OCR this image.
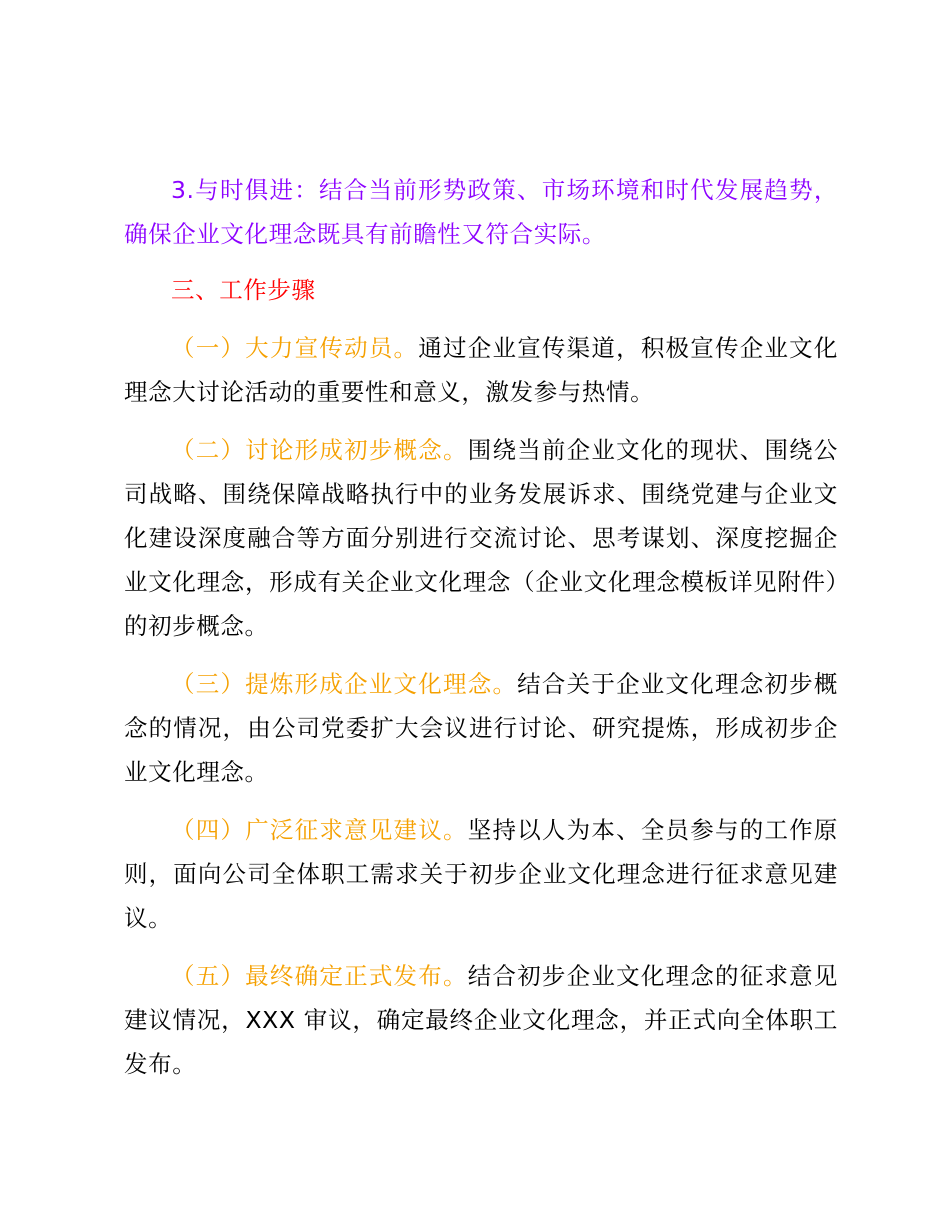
3.与时俱进：结合当前形势政策、市场环境和时代发展趋势，确保企业文化理念既具有前瞻性又符合实际。

三、工作步骤

（一）大力宣传动员。通过企业宣传渠道，积极宣传企业文化理念大讨论活动的重要性和意义，激发参与热情。

（二）讨论形成初步概念。围绕当前企业文化的现状、围绕公司战略、围绕保障战略执行中的业务发展诉求、围绕党建与企业文化建设深度融合等方面分别进行交流讨论、思考谋划、深度挖掘企业文化理念，形成有关企业文化理念（企业文化理念模板详见附件）的初步概念。

（三）提炼形成企业文化理念。结合关于企业文化理念初步概念的情况，由公司党委扩大会议进行讨论、研究提炼，形成初步企业文化理念。

（四）广泛征求意见建议。坚持以人为本、全员参与的工作原则，面向公司全体职工需求关于初步企业文化理念进行征求意见建议。

（五）最终确定正式发布。结合初步企业文化理念的征求意见建议情况，XXX 审议，确定最终企业文化理念，并正式向全体职工发布。
